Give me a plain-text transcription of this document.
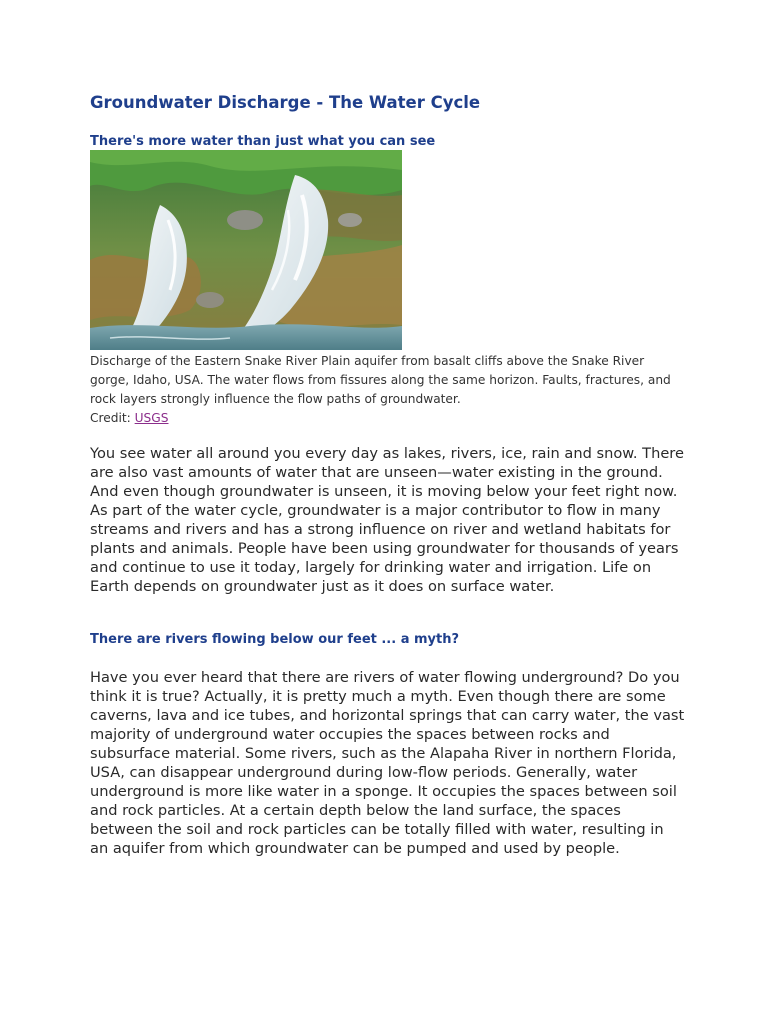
Groundwater Discharge - The Water Cycle
There's more water than just what you can see

Discharge of the Eastern Snake River Plain aquifer from basalt cliffs above the Snake River gorge, Idaho, USA. The water flows from fissures along the same horizon. Faults, fractures, and rock layers strongly influence the flow paths of groundwater.
Credit: USGS

You see water all around you every day as lakes, rivers, ice, rain and snow. There are also vast amounts of water that are unseen—water existing in the ground. And even though groundwater is unseen, it is moving below your feet right now. As part of the water cycle, groundwater is a major contributor to flow in many streams and rivers and has a strong influence on river and wetland habitats for plants and animals. People have been using groundwater for thousands of years and continue to use it today, largely for drinking water and irrigation. Life on Earth depends on groundwater just as it does on surface water.

There are rivers flowing below our feet ... a myth?

Have you ever heard that there are rivers of water flowing underground? Do you think it is true? Actually, it is pretty much a myth. Even though there are some caverns, lava and ice tubes, and horizontal springs that can carry water, the vast majority of underground water occupies the spaces between rocks and subsurface material. Some rivers, such as the Alapaha River in northern Florida, USA, can disappear underground during low-flow periods. Generally, water underground is more like water in a sponge. It occupies the spaces between soil and rock particles. At a certain depth below the land surface, the spaces between the soil and rock particles can be totally filled with water, resulting in an aquifer from which groundwater can be pumped and used by people.
